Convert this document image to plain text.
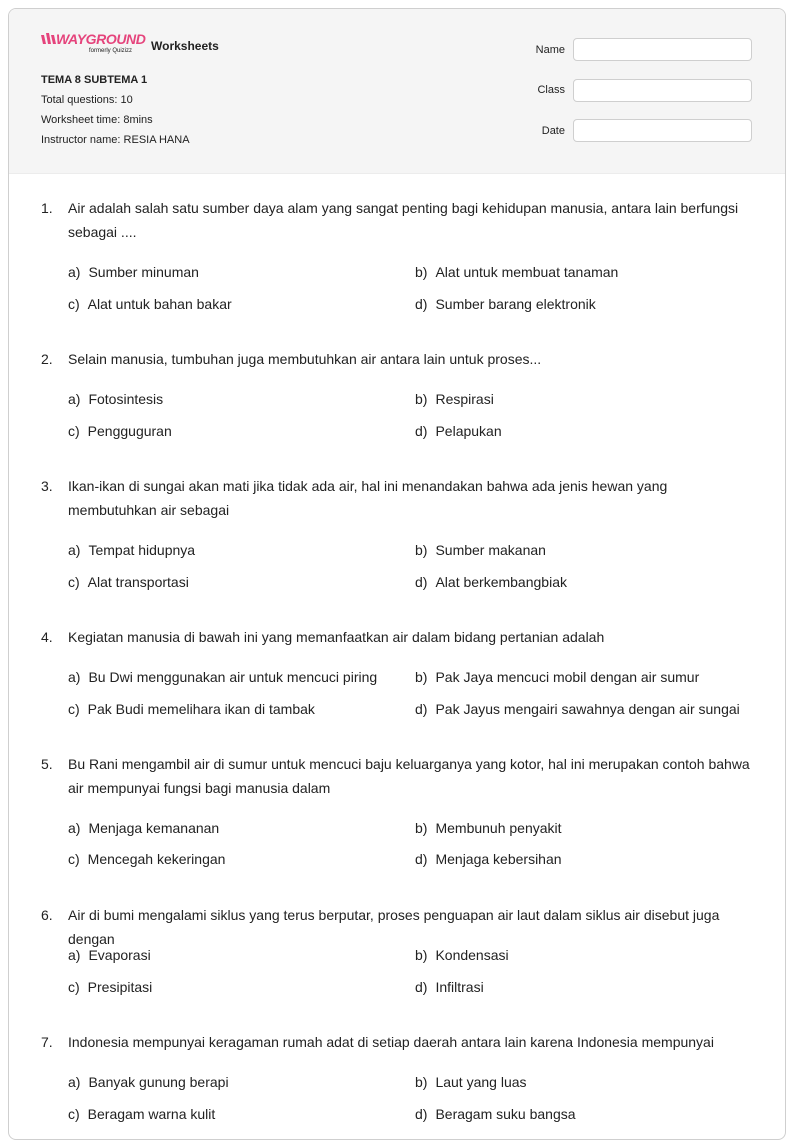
WAYGROUND
formerly Quizizz Worksheets
TEMA 8 SUBTEMA 1
Total questions: 10
Worksheet time: 8mins
Instructor name: RESIA HANA
Name
Class
Date
1. Air adalah salah satu sumber daya alam yang sangat penting bagi kehidupan manusia, antara lain berfungsi sebagai ....
a) Sumber minuman	b) Alat untuk membuat tanaman
c) Alat untuk bahan bakar	d) Sumber barang elektronik
2. Selain manusia, tumbuhan juga membutuhkan air antara lain untuk proses...
a) Fotosintesis	b) Respirasi
c) Pengguguran	d) Pelapukan
3. Ikan-ikan di sungai akan mati jika tidak ada air, hal ini menandakan bahwa ada jenis hewan yang membutuhkan air sebagai
a) Tempat hidupnya	b) Sumber makanan
c) Alat transportasi	d) Alat berkembangbiak
4. Kegiatan manusia di bawah ini yang memanfaatkan air dalam bidang pertanian adalah
a) Bu Dwi menggunakan air untuk mencuci piring	b) Pak Jaya mencuci mobil dengan air sumur
c) Pak Budi memelihara ikan di tambak	d) Pak Jayus mengairi sawahnya dengan air sungai
5. Bu Rani mengambil air di sumur untuk mencuci baju keluarganya yang kotor, hal ini merupakan contoh bahwa air mempunyai fungsi bagi manusia dalam
a) Menjaga kemananan	b) Membunuh penyakit
c) Mencegah kekeringan	d) Menjaga kebersihan
6. Air di bumi mengalami siklus yang terus berputar, proses penguapan air laut dalam siklus air disebut juga dengan
a) Evaporasi	b) Kondensasi
c) Presipitasi	d) Infiltrasi
7. Indonesia mempunyai keragaman rumah adat di setiap daerah antara lain karena Indonesia mempunyai
a) Banyak gunung berapi	b) Laut yang luas
c) Beragam warna kulit	d) Beragam suku bangsa
